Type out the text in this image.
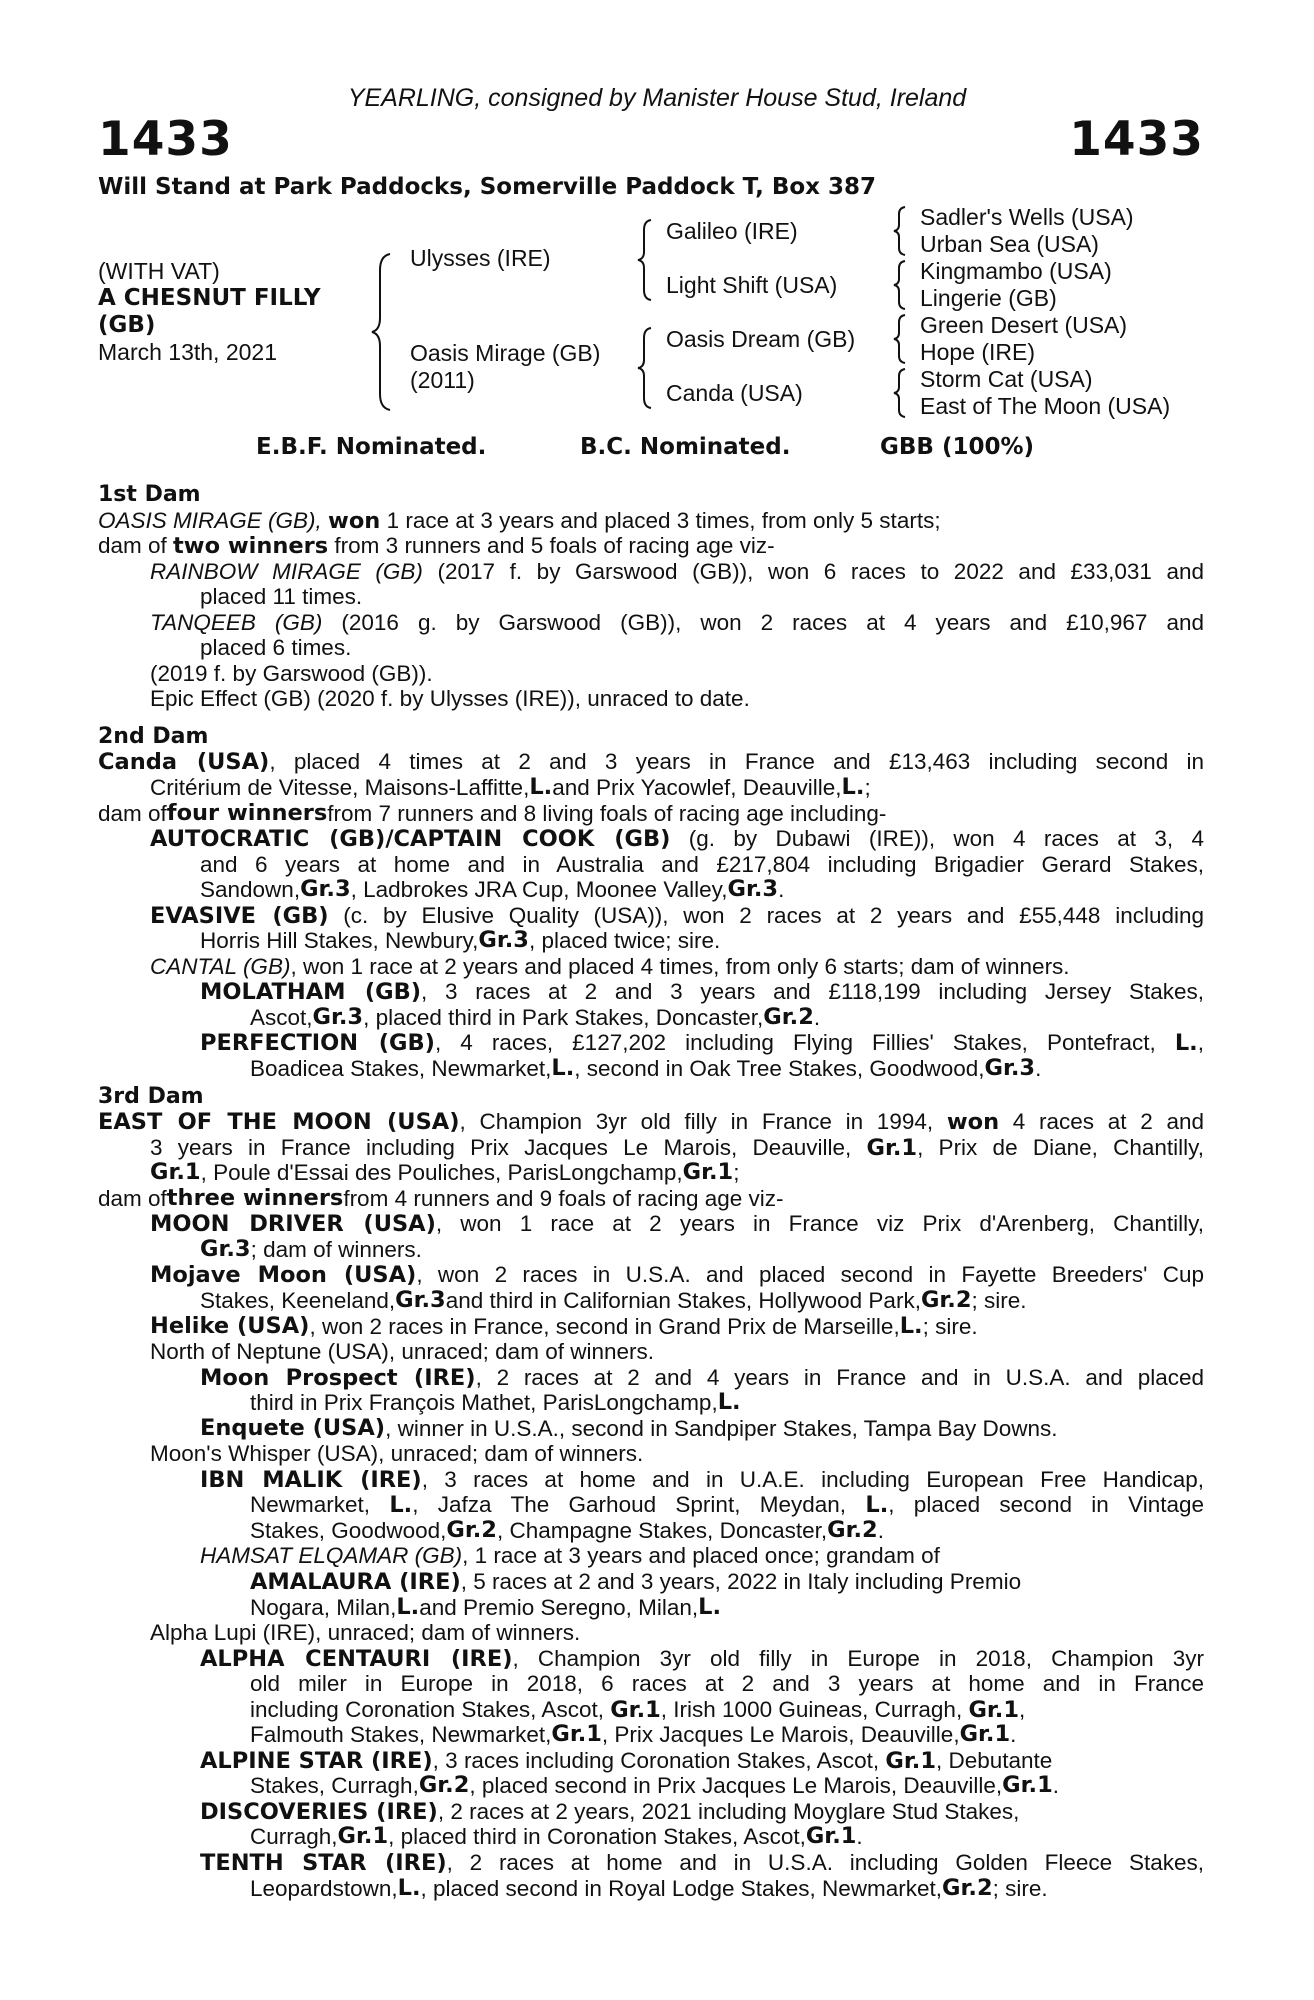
YEARLING, consigned by Manister House Stud, Ireland
1433	1433
Will Stand at Park Paddocks, Somerville Paddock T, Box 387
(WITH VAT)
A CHESNUT FILLY
(GB)
March 13th, 2021
Ulysses (IRE)
Oasis Mirage (GB)
(2011)
Galileo (IRE)
Light Shift (USA)
Oasis Dream (GB)
Canda (USA)
Sadler's Wells (USA)
Urban Sea (USA)
Kingmambo (USA)
Lingerie (GB)
Green Desert (USA)
Hope (IRE)
Storm Cat (USA)
East of The Moon (USA)
E.B.F. Nominated.	B.C. Nominated.	GBB (100%)
1st Dam
OASIS MIRAGE (GB), won 1 race at 3 years and placed 3 times, from only 5 starts;
dam of two winners from 3 runners and 5 foals of racing age viz-
RAINBOW MIRAGE (GB) (2017 f. by Garswood (GB)), won 6 races to 2022 and £33,031 and
placed 11 times.
TANQEEB (GB) (2016 g. by Garswood (GB)), won 2 races at 4 years and £10,967 and
placed 6 times.
(2019 f. by Garswood (GB)).
Epic Effect (GB) (2020 f. by Ulysses (IRE)), unraced to date.
2nd Dam
Canda (USA), placed 4 times at 2 and 3 years in France and £13,463 including second in
Critérium de Vitesse, Maisons-Laffitte, L. and Prix Yacowlef, Deauville, L. ;
dam of four winners from 7 runners and 8 living foals of racing age including-
AUTOCRATIC (GB)/CAPTAIN COOK (GB) (g. by Dubawi (IRE)), won 4 races at 3, 4
and 6 years at home and in Australia and £217,804 including Brigadier Gerard Stakes,
Sandown, Gr.3 , Ladbrokes JRA Cup, Moonee Valley, Gr.3 .
EVASIVE (GB) (c. by Elusive Quality (USA)), won 2 races at 2 years and £55,448 including
Horris Hill Stakes, Newbury, Gr.3 , placed twice; sire.
CANTAL (GB) , won 1 race at 2 years and placed 4 times, from only 6 starts; dam of winners.
MOLATHAM (GB), 3 races at 2 and 3 years and £118,199 including Jersey Stakes,
Ascot, Gr.3 , placed third in Park Stakes, Doncaster, Gr.2 .
PERFECTION (GB), 4 races, £127,202 including Flying Fillies' Stakes, Pontefract, L.,
Boadicea Stakes, Newmarket, L. , second in Oak Tree Stakes, Goodwood, Gr.3 .
3rd Dam
EAST OF THE MOON (USA), Champion 3yr old filly in France in 1994, won 4 races at 2 and
3 years in France including Prix Jacques Le Marois, Deauville, Gr.1, Prix de Diane, Chantilly,
Gr.1 , Poule d'Essai des Pouliches, ParisLongchamp, Gr.1 ;
dam of three winners from 4 runners and 9 foals of racing age viz-
MOON DRIVER (USA), won 1 race at 2 years in France viz Prix d'Arenberg, Chantilly,
Gr.3 ; dam of winners.
Mojave Moon (USA), won 2 races in U.S.A. and placed second in Fayette Breeders' Cup
Stakes, Keeneland, Gr.3 and third in Californian Stakes, Hollywood Park, Gr.2 ; sire.
Helike (USA) , won 2 races in France, second in Grand Prix de Marseille, L. ; sire.
North of Neptune (USA), unraced; dam of winners.
Moon Prospect (IRE), 2 races at 2 and 4 years in France and in U.S.A. and placed
third in Prix François Mathet, ParisLongchamp, L.
Enquete (USA) , winner in U.S.A., second in Sandpiper Stakes, Tampa Bay Downs.
Moon's Whisper (USA), unraced; dam of winners.
IBN MALIK (IRE), 3 races at home and in U.A.E. including European Free Handicap,
Newmarket, L., Jafza The Garhoud Sprint, Meydan, L., placed second in Vintage
Stakes, Goodwood, Gr.2 , Champagne Stakes, Doncaster, Gr.2 .
HAMSAT ELQAMAR (GB), 1 race at 3 years and placed once; grandam of
AMALAURA (IRE), 5 races at 2 and 3 years, 2022 in Italy including Premio
Nogara, Milan, L. and Premio Seregno, Milan, L.
Alpha Lupi (IRE), unraced; dam of winners.
ALPHA CENTAURI (IRE), Champion 3yr old filly in Europe in 2018, Champion 3yr
old miler in Europe in 2018, 6 races at 2 and 3 years at home and in France
including Coronation Stakes, Ascot, Gr.1, Irish 1000 Guineas, Curragh, Gr.1,
Falmouth Stakes, Newmarket, Gr.1 , Prix Jacques Le Marois, Deauville, Gr.1 .
ALPINE STAR (IRE), 3 races including Coronation Stakes, Ascot, Gr.1, Debutante
Stakes, Curragh, Gr.2 , placed second in Prix Jacques Le Marois, Deauville, Gr.1 .
DISCOVERIES (IRE), 2 races at 2 years, 2021 including Moyglare Stud Stakes,
Curragh, Gr.1 , placed third in Coronation Stakes, Ascot, Gr.1 .
TENTH STAR (IRE), 2 races at home and in U.S.A. including Golden Fleece Stakes,
Leopardstown, L. , placed second in Royal Lodge Stakes, Newmarket, Gr.2 ; sire.
